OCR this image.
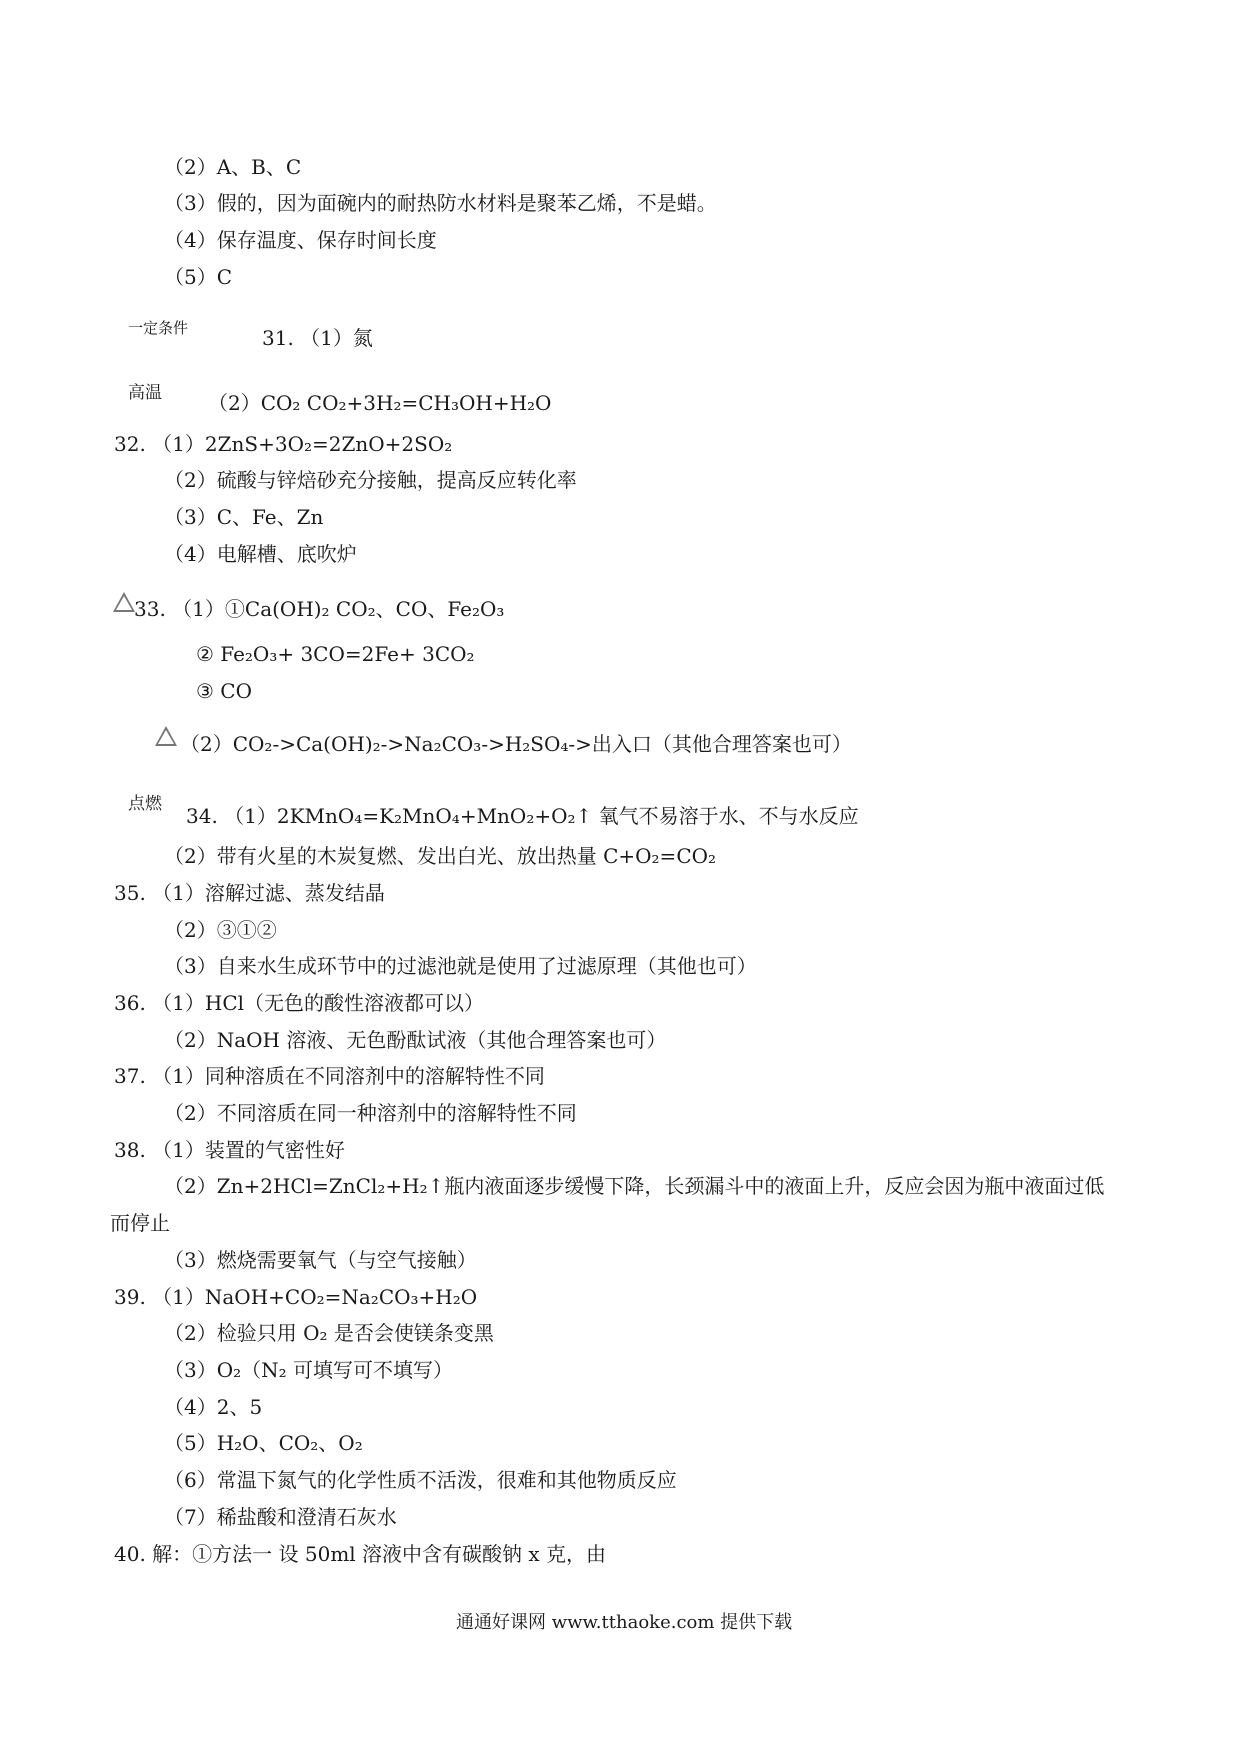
（2）A、B、C
（3）假的，因为面碗内的耐热防水材料是聚苯乙烯，不是蜡。
（4）保存温度、保存时间长度
（5）C
一定条件	31. （1）氮
高温 （2）CO₂ CO₂+3H₂=CH₃OH+H₂O
32. （1）2ZnS+3O₂=2ZnO+2SO₂
（2）硫酸与锌焙砂充分接触，提高反应转化率
（3）C、Fe、Zn
（4）电解槽、底吹炉
33. （1）①Ca(OH)₂ CO₂、CO、Fe₂O₃
② Fe₂O₃+ 3CO=2Fe+ 3CO₂
③ CO
（2）CO₂->Ca(OH)₂->Na₂CO₃->H₂SO₄->出入口（其他合理答案也可）
点燃 34. （1）2KMnO₄=K₂MnO₄+MnO₂+O₂↑ 氧气不易溶于水、不与水反应
（2）带有火星的木炭复燃、发出白光、放出热量 C+O₂=CO₂
35. （1）溶解过滤、蒸发结晶
（2）③①②
（3）自来水生成环节中的过滤池就是使用了过滤原理（其他也可）
36. （1）HCl（无色的酸性溶液都可以）
（2）NaOH 溶液、无色酚酞试液（其他合理答案也可）
37. （1）同种溶质在不同溶剂中的溶解特性不同
（2）不同溶质在同一种溶剂中的溶解特性不同
38. （1）装置的气密性好
（2）Zn+2HCl=ZnCl₂+H₂↑瓶内液面逐步缓慢下降，长颈漏斗中的液面上升，反应会因为瓶中液面过低
而停止
（3）燃烧需要氧气（与空气接触）
39. （1）NaOH+CO₂=Na₂CO₃+H₂O
（2）检验只用 O₂ 是否会使镁条变黑
（3）O₂（N₂ 可填写可不填写）
（4）2、5
（5）H₂O、CO₂、O₂
（6）常温下氮气的化学性质不活泼，很难和其他物质反应
（7）稀盐酸和澄清石灰水
40. 解：①方法一 设 50ml 溶液中含有碳酸钠 x 克，由
通通好课网 www.tthaoke.com 提供下载
